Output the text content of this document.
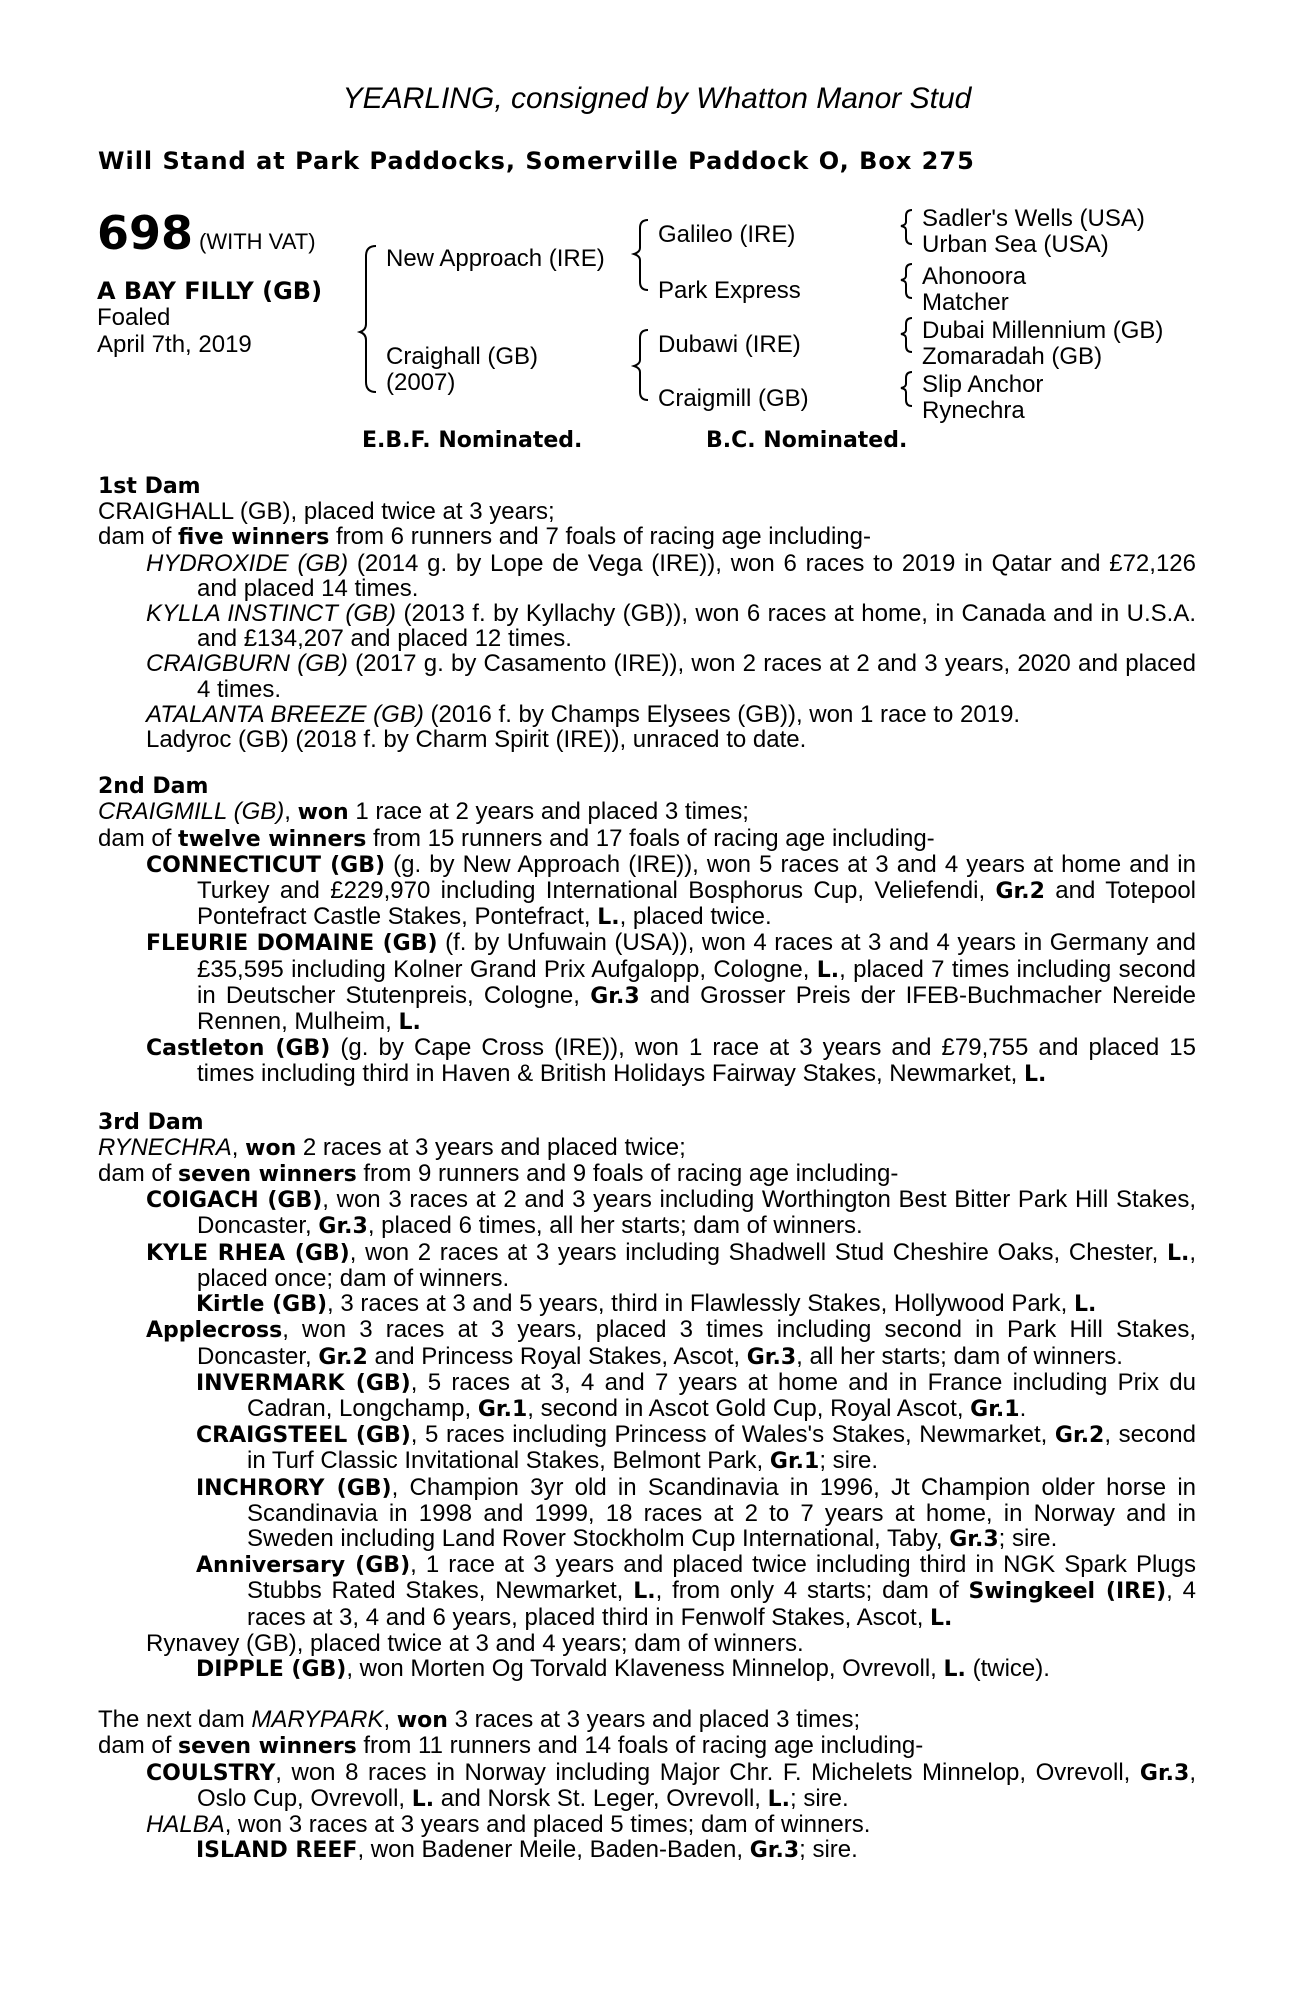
YEARLING, consigned by Whatton Manor Stud
Will Stand at Park Paddocks, Somerville Paddock O, Box 275
698 (WITH VAT)
A BAY FILLY (GB)
Foaled
April 7th, 2019
New Approach (IRE)
Craighall (GB)
(2007)
Galileo (IRE)
Park Express
Dubawi (IRE)
Craigmill (GB)
Sadler's Wells (USA)
Urban Sea (USA)
Ahonoora
Matcher
Dubai Millennium (GB)
Zomaradah (GB)
Slip Anchor
Rynechra
E.B.F. Nominated.	B.C. Nominated.

1st Dam

CRAIGHALL (GB), placed twice at 3 years;

dam of five winners from 6 runners and 7 foals of racing age including-

HYDROXIDE (GB) (2014 g. by Lope de Vega (IRE)), won 6 races to 2019 in Qatar and £72,126 and placed 14 times.

KYLLA INSTINCT (GB) (2013 f. by Kyllachy (GB)), won 6 races at home, in Canada and in U.S.A. and £134,207 and placed 12 times.

CRAIGBURN (GB) (2017 g. by Casamento (IRE)), won 2 races at 2 and 3 years, 2020 and placed 4 times.

ATALANTA BREEZE (GB) (2016 f. by Champs Elysees (GB)), won 1 race to 2019.

Ladyroc (GB) (2018 f. by Charm Spirit (IRE)), unraced to date.

2nd Dam

CRAIGMILL (GB), won 1 race at 2 years and placed 3 times;

dam of twelve winners from 15 runners and 17 foals of racing age including-

CONNECTICUT (GB) (g. by New Approach (IRE)), won 5 races at 3 and 4 years at home and in Turkey and £229,970 including International Bosphorus Cup, Veliefendi, Gr.2 and Totepool Pontefract Castle Stakes, Pontefract, L., placed twice.

FLEURIE DOMAINE (GB) (f. by Unfuwain (USA)), won 4 races at 3 and 4 years in Germany and £35,595 including Kolner Grand Prix Aufgalopp, Cologne, L., placed 7 times including second in Deutscher Stutenpreis, Cologne, Gr.3 and Grosser Preis der IFEB-Buchmacher Nereide Rennen, Mulheim, L.

Castleton (GB) (g. by Cape Cross (IRE)), won 1 race at 3 years and £79,755 and placed 15 times including third in Haven & British Holidays Fairway Stakes, Newmarket, L.

3rd Dam

RYNECHRA, won 2 races at 3 years and placed twice;

dam of seven winners from 9 runners and 9 foals of racing age including-

COIGACH (GB), won 3 races at 2 and 3 years including Worthington Best Bitter Park Hill Stakes, Doncaster, Gr.3, placed 6 times, all her starts; dam of winners.

KYLE RHEA (GB), won 2 races at 3 years including Shadwell Stud Cheshire Oaks, Chester, L., placed once; dam of winners.

Kirtle (GB), 3 races at 3 and 5 years, third in Flawlessly Stakes, Hollywood Park, L.

Applecross, won 3 races at 3 years, placed 3 times including second in Park Hill Stakes, Doncaster, Gr.2 and Princess Royal Stakes, Ascot, Gr.3, all her starts; dam of winners.

INVERMARK (GB), 5 races at 3, 4 and 7 years at home and in France including Prix du Cadran, Longchamp, Gr.1, second in Ascot Gold Cup, Royal Ascot, Gr.1.

CRAIGSTEEL (GB), 5 races including Princess of Wales's Stakes, Newmarket, Gr.2, second in Turf Classic Invitational Stakes, Belmont Park, Gr.1; sire.

INCHRORY (GB), Champion 3yr old in Scandinavia in 1996, Jt Champion older horse in Scandinavia in 1998 and 1999, 18 races at 2 to 7 years at home, in Norway and in Sweden including Land Rover Stockholm Cup International, Taby, Gr.3; sire.

Anniversary (GB), 1 race at 3 years and placed twice including third in NGK Spark Plugs Stubbs Rated Stakes, Newmarket, L., from only 4 starts; dam of Swingkeel (IRE), 4 races at 3, 4 and 6 years, placed third in Fenwolf Stakes, Ascot, L.

Rynavey (GB), placed twice at 3 and 4 years; dam of winners.

DIPPLE (GB), won Morten Og Torvald Klaveness Minnelop, Ovrevoll, L. (twice).

The next dam MARYPARK, won 3 races at 3 years and placed 3 times;

dam of seven winners from 11 runners and 14 foals of racing age including-

COULSTRY, won 8 races in Norway including Major Chr. F. Michelets Minnelop, Ovrevoll, Gr.3, Oslo Cup, Ovrevoll, L. and Norsk St. Leger, Ovrevoll, L.; sire.

HALBA, won 3 races at 3 years and placed 5 times; dam of winners.

ISLAND REEF, won Badener Meile, Baden-Baden, Gr.3; sire.
